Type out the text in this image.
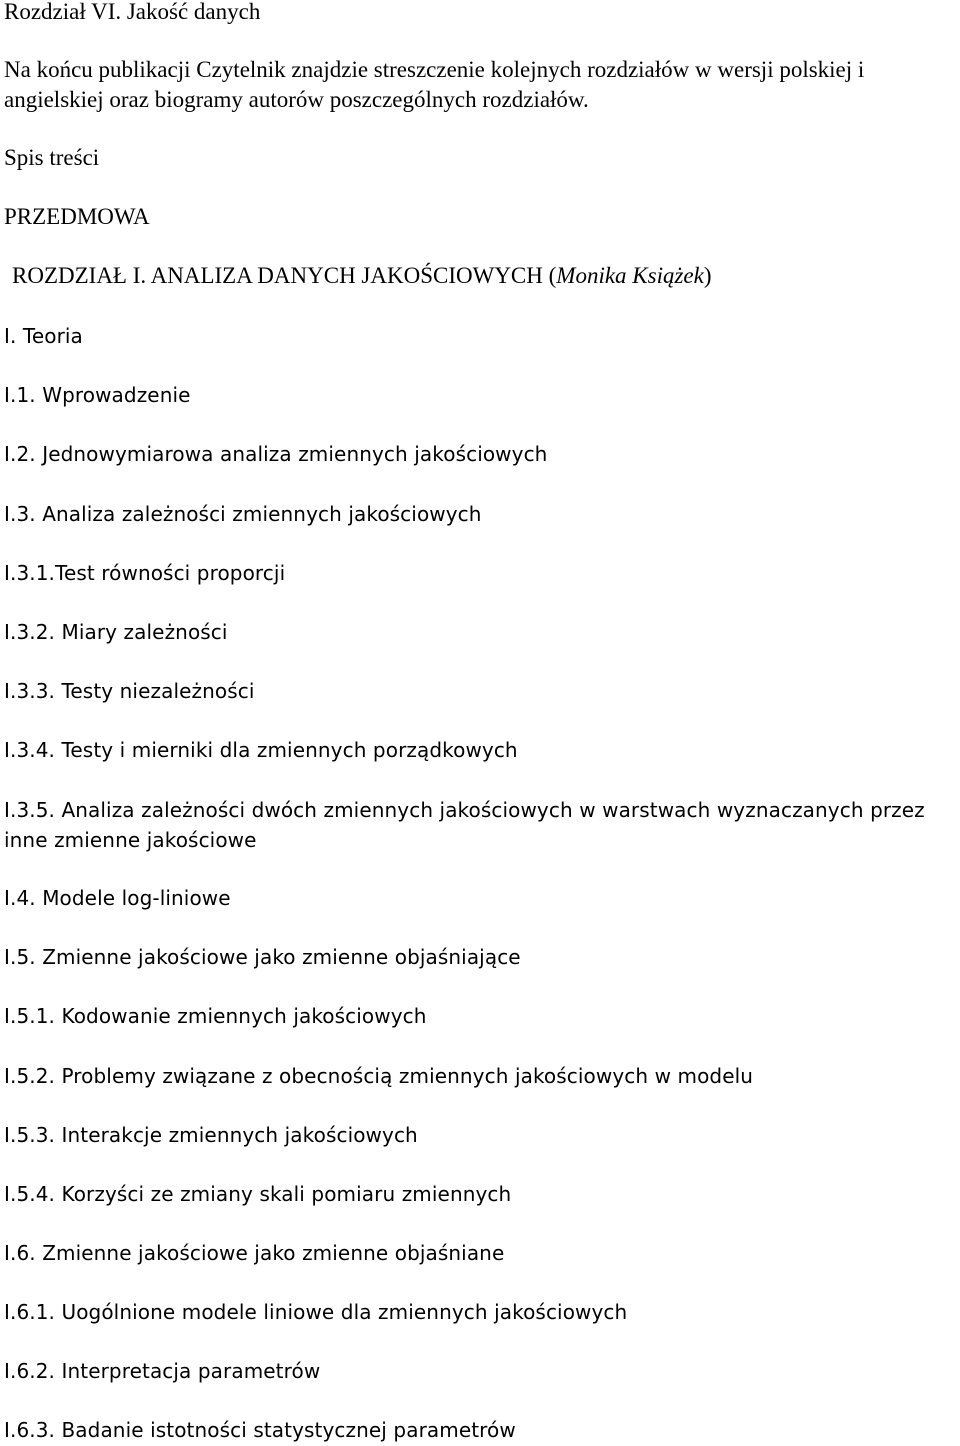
Rozdział VI. Jakość danych
Na końcu publikacji Czytelnik znajdzie streszczenie kolejnych rozdziałów w wersji polskiej i angielskiej oraz biogramy autorów poszczególnych rozdziałów.
Spis treści
PRZEDMOWA
ROZDZIAŁ I. ANALIZA DANYCH JAKOŚCIOWYCH (Monika Książek)
I. Teoria
I.1. Wprowadzenie
I.2. Jednowymiarowa analiza zmiennych jakościowych
I.3. Analiza zależności zmiennych jakościowych
I.3.1.Test równości proporcji
I.3.2. Miary zależności
I.3.3. Testy niezależności
I.3.4. Testy i mierniki dla zmiennych porządkowych
I.3.5. Analiza zależności dwóch zmiennych jakościowych w warstwach wyznaczanych przez inne zmienne jakościowe
I.4. Modele log-liniowe
I.5. Zmienne jakościowe jako zmienne objaśniające
I.5.1. Kodowanie zmiennych jakościowych
I.5.2. Problemy związane z obecnością zmiennych jakościowych w modelu
I.5.3. Interakcje zmiennych jakościowych
I.5.4. Korzyści ze zmiany skali pomiaru zmiennych
I.6. Zmienne jakościowe jako zmienne objaśniane
I.6.1. Uogólnione modele liniowe dla zmiennych jakościowych
I.6.2. Interpretacja parametrów
I.6.3. Badanie istotności statystycznej parametrów
